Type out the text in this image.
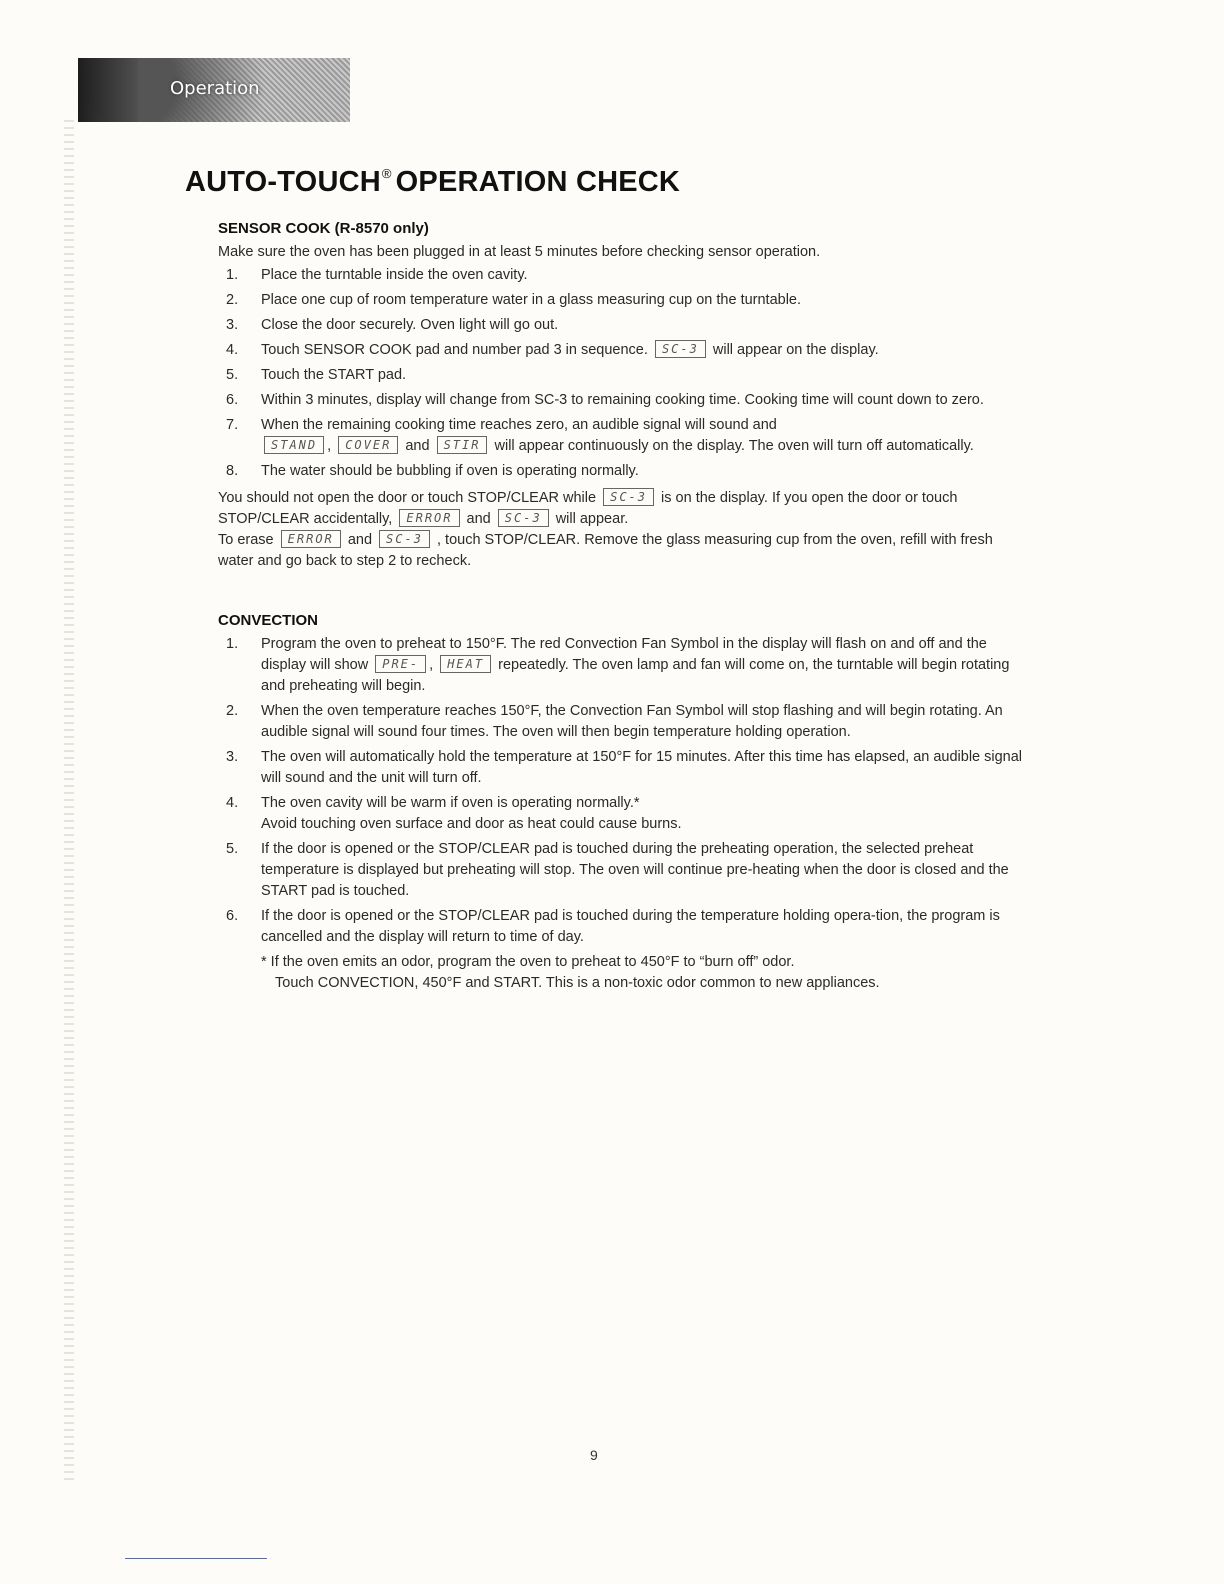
Operation
AUTO-TOUCH® OPERATION CHECK

SENSOR COOK (R-8570 only)

Make sure the oven has been plugged in at least 5 minutes before checking sensor operation.

1. Place the turntable inside the oven cavity.
2. Place one cup of room temperature water in a glass measuring cup on the turntable.
3. Close the door securely. Oven light will go out.
4. Touch SENSOR COOK pad and number pad 3 in sequence. SC-3 will appear on the display.
5. Touch the START pad.
6. Within 3 minutes, display will change from SC-3 to remaining cooking time. Cooking time will count down to zero.
7. When the remaining cooking time reaches zero, an audible signal will sound and
STAND , COVER and STIR will appear continuously on the display. The oven will turn off automatically.
8. The water should be bubbling if oven is operating normally.

You should not open the door or touch STOP/CLEAR while SC-3 is on the display. If you open the door or touch STOP/CLEAR accidentally, ERROR and SC-3 will appear.
To erase ERROR and SC-3 , touch STOP/CLEAR. Remove the glass measuring cup from the oven, refill with fresh water and go back to step 2 to recheck.

CONVECTION

1. Program the oven to preheat to 150°F. The red Convection Fan Symbol in the display will flash on and off and the display will show PRE- , HEAT repeatedly. The oven lamp and fan will come on, the turntable will begin rotating and preheating will begin.
2. When the oven temperature reaches 150°F, the Convection Fan Symbol will stop flashing and will begin rotating. An audible signal will sound four times. The oven will then begin temperature holding operation.
3. The oven will automatically hold the temperature at 150°F for 15 minutes. After this time has elapsed, an audible signal will sound and the unit will turn off.
4. The oven cavity will be warm if oven is operating normally.*
Avoid touching oven surface and door as heat could cause burns.
5. If the door is opened or the STOP/CLEAR pad is touched during the preheating operation, the selected preheat temperature is displayed but preheating will stop. The oven will continue pre-heating when the door is closed and the START pad is touched.
6. If the door is opened or the STOP/CLEAR pad is touched during the temperature holding opera-tion, the program is cancelled and the display will return to time of day.
* If the oven emits an odor, program the oven to preheat to 450°F to “burn off” odor.
Touch CONVECTION, 450°F and START. This is a non-toxic odor common to new appliances.
9
